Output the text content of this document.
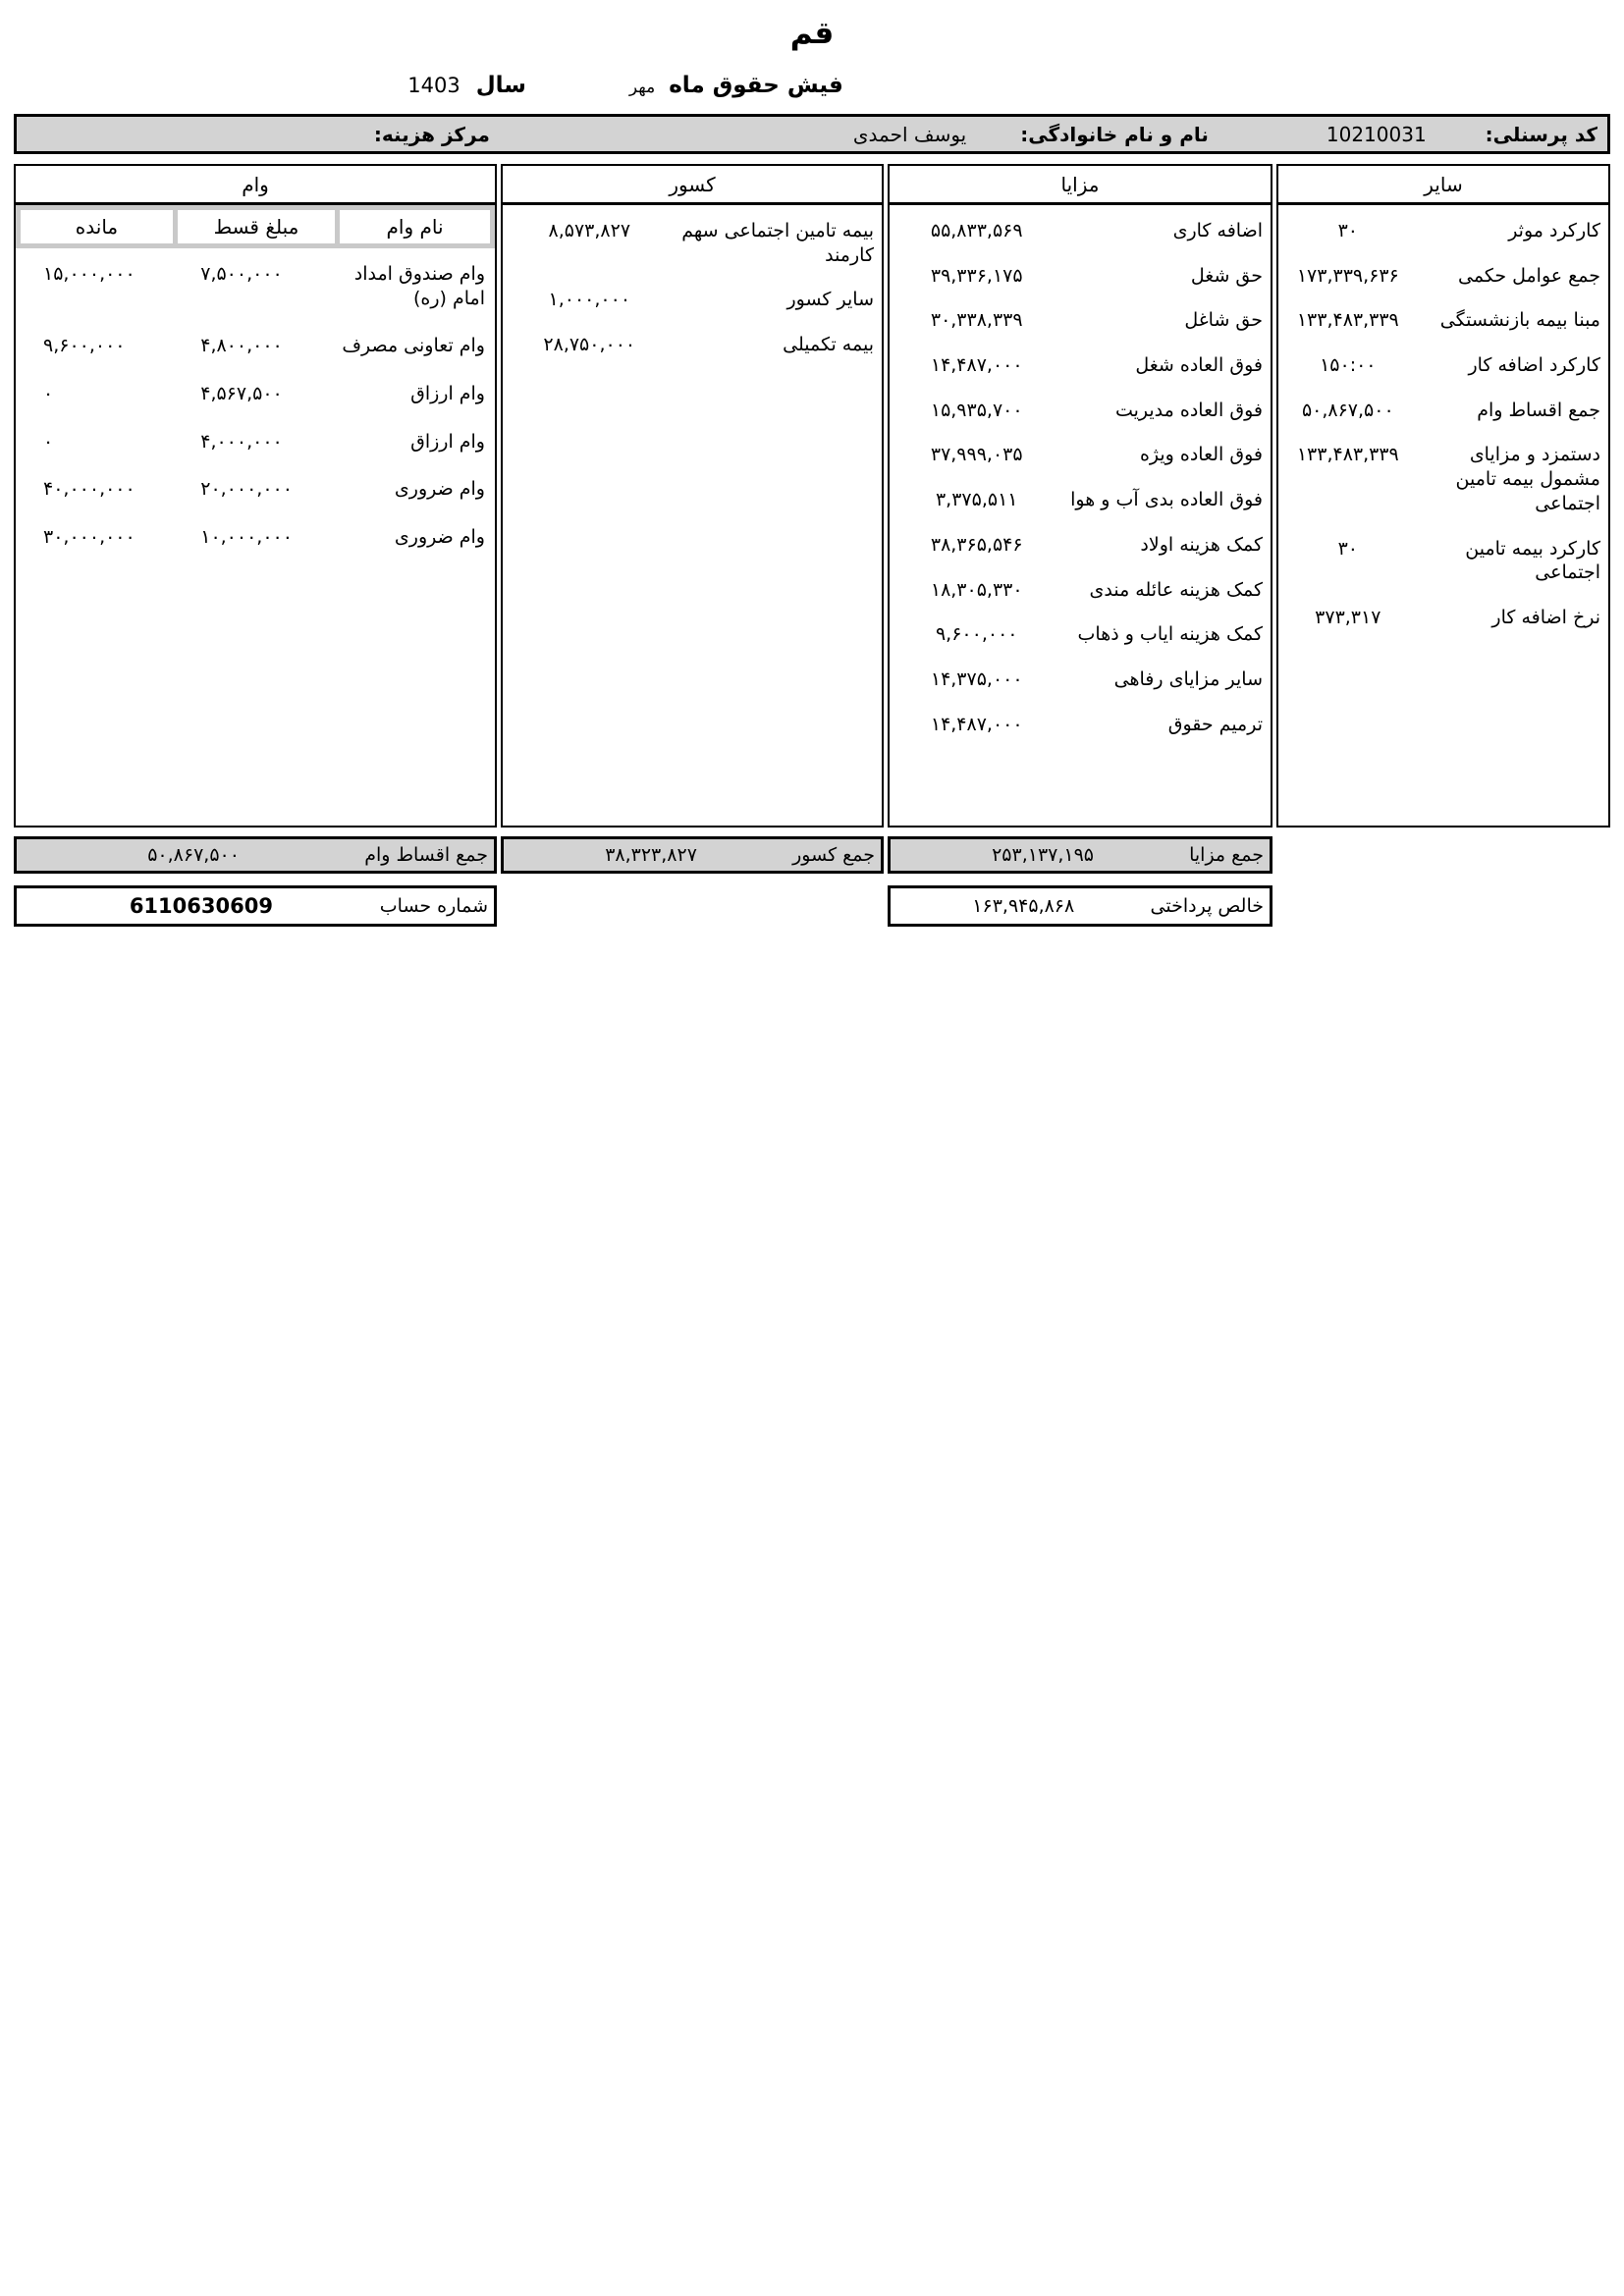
قم
فیش حقوق ماه
مهر
سال
1403
کد پرسنلی:
10210031
نام و نام خانوادگی:
یوسف احمدی
مرکز هزینه:
سایر
کارکرد موثر
۳۰
جمع عوامل حکمی
۱۷۳,۳۳۹,۶۳۶
مبنا بیمه بازنشستگی
۱۳۳,۴۸۳,۳۳۹
کارکرد اضافه کار
۱۵۰:۰۰
جمع اقساط وام
۵۰,۸۶۷,۵۰۰
دستمزد و مزایای مشمول بیمه تامین اجتماعی
۱۳۳,۴۸۳,۳۳۹
کارکرد بیمه تامین اجتماعی
۳۰
نرخ اضافه کار
۳۷۳,۳۱۷
مزایا
اضافه کاری
۵۵,۸۳۳,۵۶۹
حق شغل
۳۹,۳۳۶,۱۷۵
حق شاغل
۳۰,۳۳۸,۳۳۹
فوق العاده شغل
۱۴,۴۸۷,۰۰۰
فوق العاده مدیریت
۱۵,۹۳۵,۷۰۰
فوق العاده ویژه
۳۷,۹۹۹,۰۳۵
فوق العاده بدی آب و هوا
۳,۳۷۵,۵۱۱
کمک هزینه اولاد
۳۸,۳۶۵,۵۴۶
کمک هزینه عائله مندی
۱۸,۳۰۵,۳۳۰
کمک هزینه ایاب و ذهاب
۹,۶۰۰,۰۰۰
سایر مزایای رفاهی
۱۴,۳۷۵,۰۰۰
ترمیم حقوق
۱۴,۴۸۷,۰۰۰
کسور
بیمه تامین اجتماعی سهم کارمند
۸,۵۷۳,۸۲۷
سایر کسور
۱,۰۰۰,۰۰۰
بیمه تکمیلی
۲۸,۷۵۰,۰۰۰
وام
نام وام
مبلغ قسط
مانده
وام صندوق امداد امام (ره)
۷,۵۰۰,۰۰۰
۱۵,۰۰۰,۰۰۰
وام تعاونی مصرف
۴,۸۰۰,۰۰۰
۹,۶۰۰,۰۰۰
وام ارزاق
۴,۵۶۷,۵۰۰
۰
وام ارزاق
۴,۰۰۰,۰۰۰
۰
وام ضروری
۲۰,۰۰۰,۰۰۰
۴۰,۰۰۰,۰۰۰
وام ضروری
۱۰,۰۰۰,۰۰۰
۳۰,۰۰۰,۰۰۰
جمع مزایا
۲۵۳,۱۳۷,۱۹۵
جمع کسور
۳۸,۳۲۳,۸۲۷
جمع اقساط وام
۵۰,۸۶۷,۵۰۰
خالص پرداختی
۱۶۳,۹۴۵,۸۶۸
شماره حساب
6110630609
